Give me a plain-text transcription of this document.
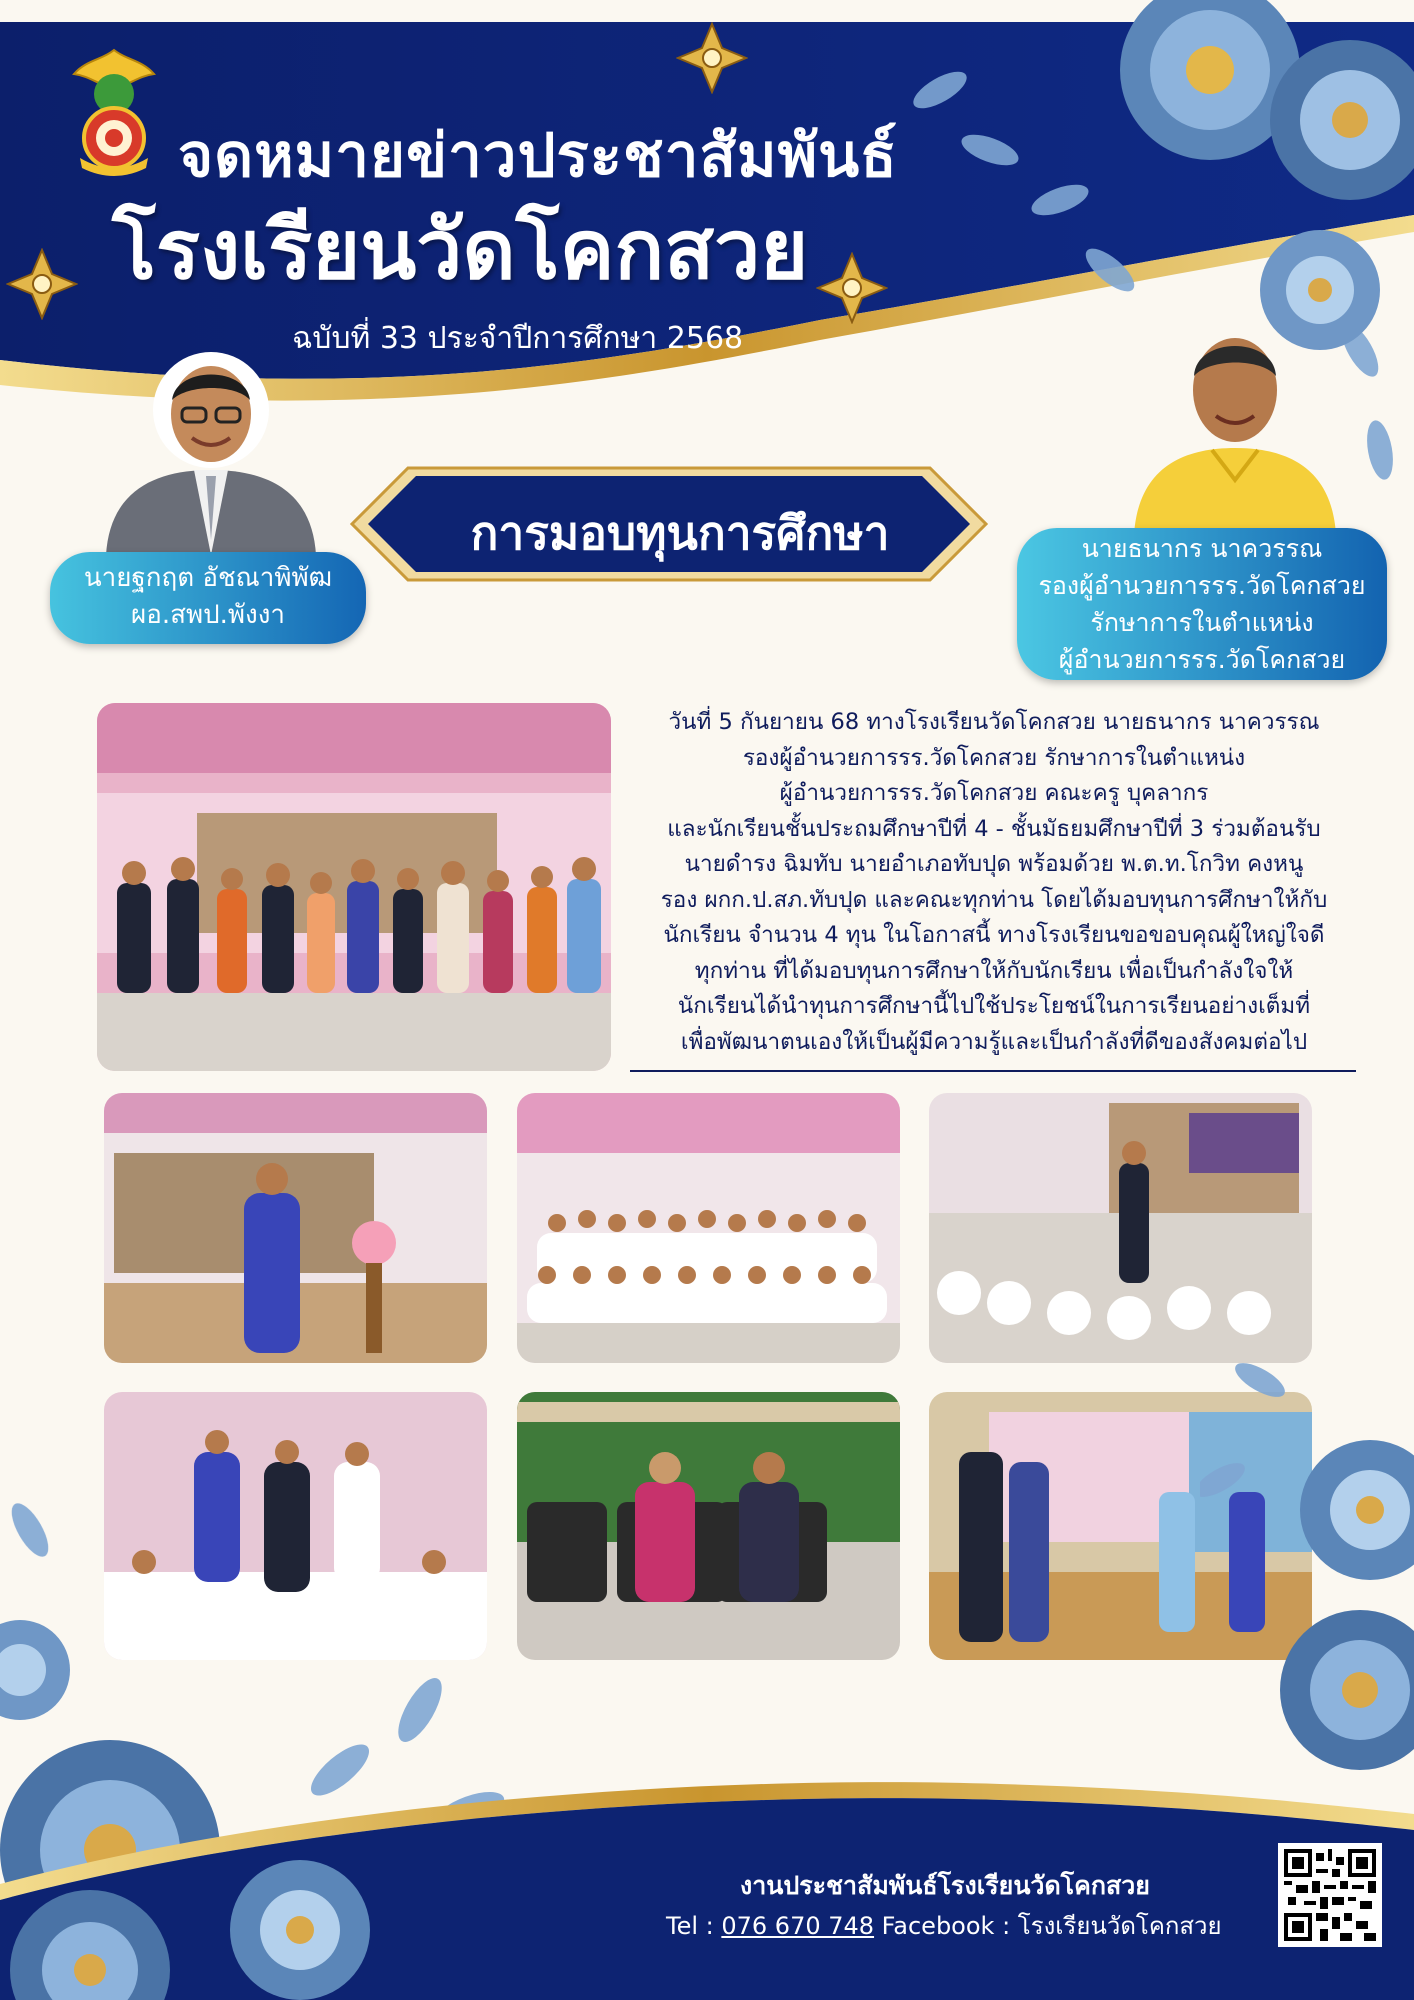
จดหมายข่าวประชาสัมพันธ์
โรงเรียนวัดโคกสวย
ฉบับที่ 33 ประจำปีการศึกษา 2568
นายฐกฤต อัชณาพิพัฒ
ผอ.สพป.พังงา
นายธนากร นาควรรณ
รองผู้อำนวยการรร.วัดโคกสวย
รักษาการในตำแหน่ง
ผู้อำนวยการรร.วัดโคกสวย
การมอบทุนการศึกษา
วันที่ 5 กันยายน 68 ทางโรงเรียนวัดโคกสวย นายธนากร นาควรรณ
รองผู้อำนวยการรร.วัดโคกสวย รักษาการในตำแหน่ง
ผู้อำนวยการรร.วัดโคกสวย คณะครู บุคลากร
และนักเรียนชั้นประถมศึกษาปีที่ 4 - ชั้นมัธยมศึกษาปีที่ 3 ร่วมต้อนรับ
นายดำรง ฉิมทับ นายอำเภอทับปุด พร้อมด้วย พ.ต.ท.โกวิท คงหนู
รอง ผกก.ป.สภ.ทับปุด และคณะทุกท่าน โดยได้มอบทุนการศึกษาให้กับ
นักเรียน จำนวน 4 ทุน ในโอกาสนี้ ทางโรงเรียนขอขอบคุณผู้ใหญ่ใจดี
ทุกท่าน ที่ได้มอบทุนการศึกษาให้กับนักเรียน เพื่อเป็นกำลังใจให้
นักเรียนได้นำทุนการศึกษานี้ไปใช้ประโยชน์ในการเรียนอย่างเต็มที่
เพื่อพัฒนาตนเองให้เป็นผู้มีความรู้และเป็นกำลังที่ดีของสังคมต่อไป
งานประชาสัมพันธ์โรงเรียนวัดโคกสวย
Tel : 076 670 748 Facebook : โรงเรียนวัดโคกสวย
